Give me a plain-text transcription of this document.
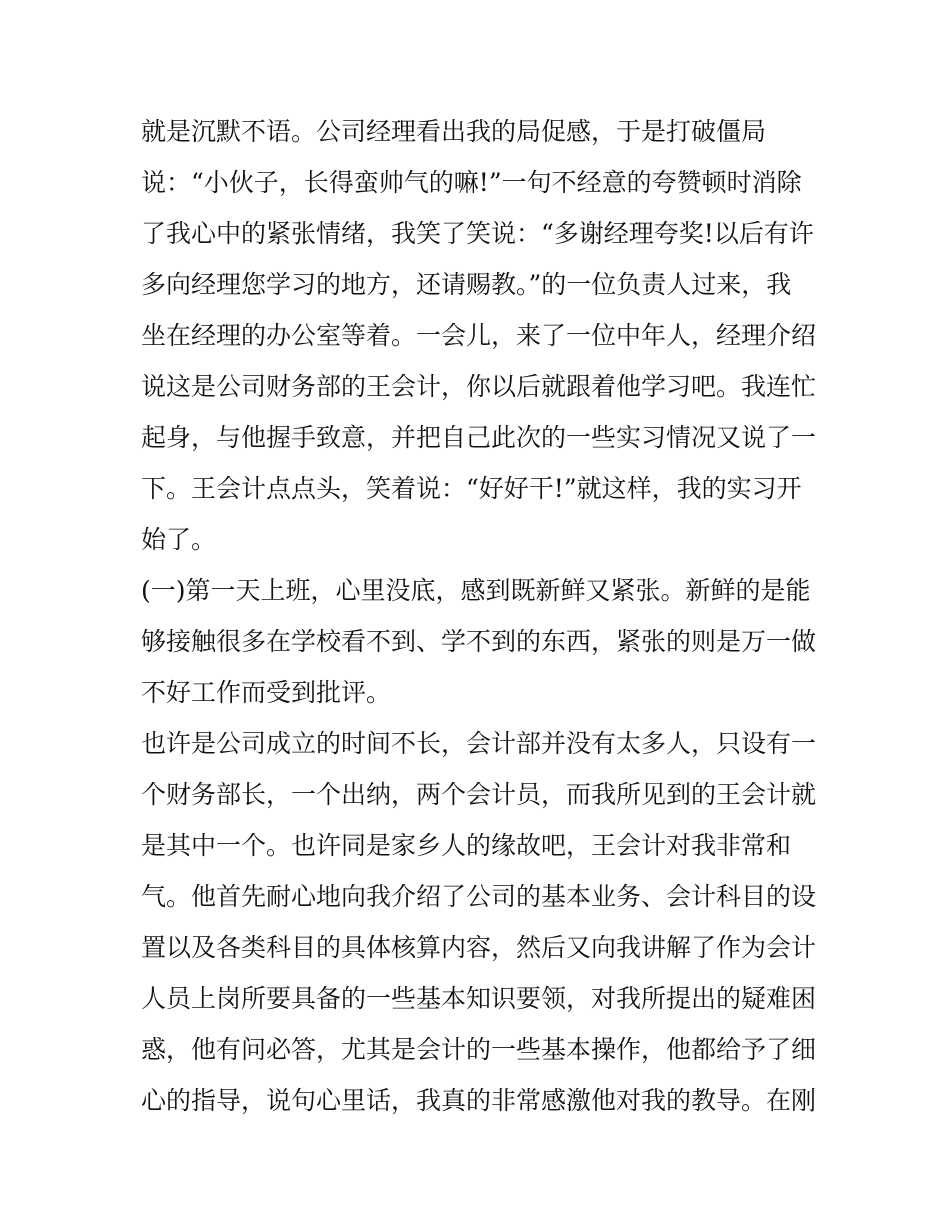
就是沉默不语。公司经理看出我的局促感，于是打破僵局
说：“小伙子，长得蛮帅气的嘛!”一句不经意的夸赞顿时消除
了我心中的紧张情绪，我笑了笑说：“多谢经理夸奖!以后有许
多向经理您学习的地方，还请赐教。”的一位负责人过来，我
坐在经理的办公室等着。一会儿，来了一位中年人，经理介绍
说这是公司财务部的王会计，你以后就跟着他学习吧。我连忙
起身，与他握手致意，并把自己此次的一些实习情况又说了一
下。王会计点点头，笑着说：“好好干!”就这样，我的实习开
始了。
(一)第一天上班，心里没底，感到既新鲜又紧张。新鲜的是能
够接触很多在学校看不到、学不到的东西，紧张的则是万一做
不好工作而受到批评。
也许是公司成立的时间不长，会计部并没有太多人，只设有一
个财务部长，一个出纳，两个会计员，而我所见到的王会计就
是其中一个。也许同是家乡人的缘故吧，王会计对我非常和
气。他首先耐心地向我介绍了公司的基本业务、会计科目的设
置以及各类科目的具体核算内容，然后又向我讲解了作为会计
人员上岗所要具备的一些基本知识要领，对我所提出的疑难困
惑，他有问必答，尤其是会计的一些基本操作，他都给予了细
心的指导，说句心里话，我真的非常感激他对我的教导。在刚
